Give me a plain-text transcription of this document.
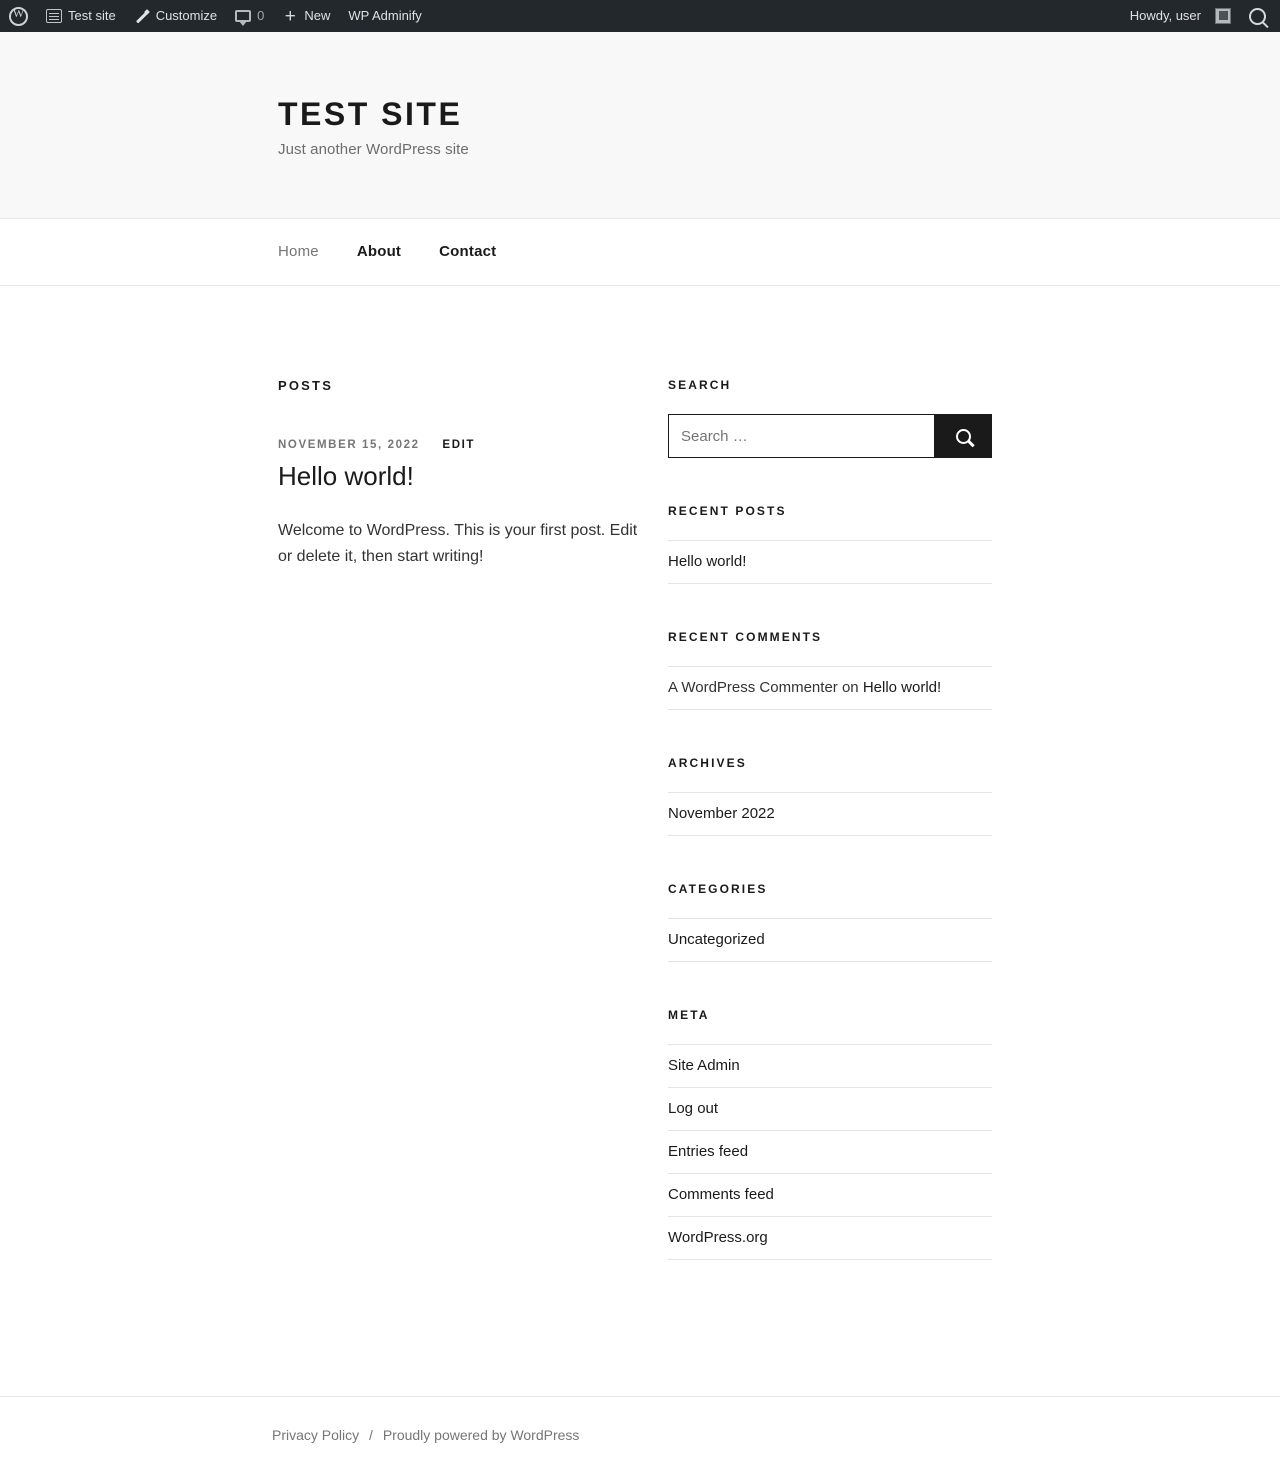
W
Test site	Customize	0 + New WP Adminify	Howdy, user
TEST SITE

Just another WordPress site

Home	About	Contact
POSTS
NOVEMBER 15, 2022 EDIT
Hello world!

Welcome to WordPress. This is your first post. Edit or delete it, then start writing!

SEARCH
Search …
RECENT POSTS
Hello world!
RECENT COMMENTS
A WordPress Commenter on Hello world!
ARCHIVES
November 2022
CATEGORIES
Uncategorized
META
Site Admin
Log out
Entries feed
Comments feed
WordPress.org
Privacy Policy / Proudly powered by WordPress
